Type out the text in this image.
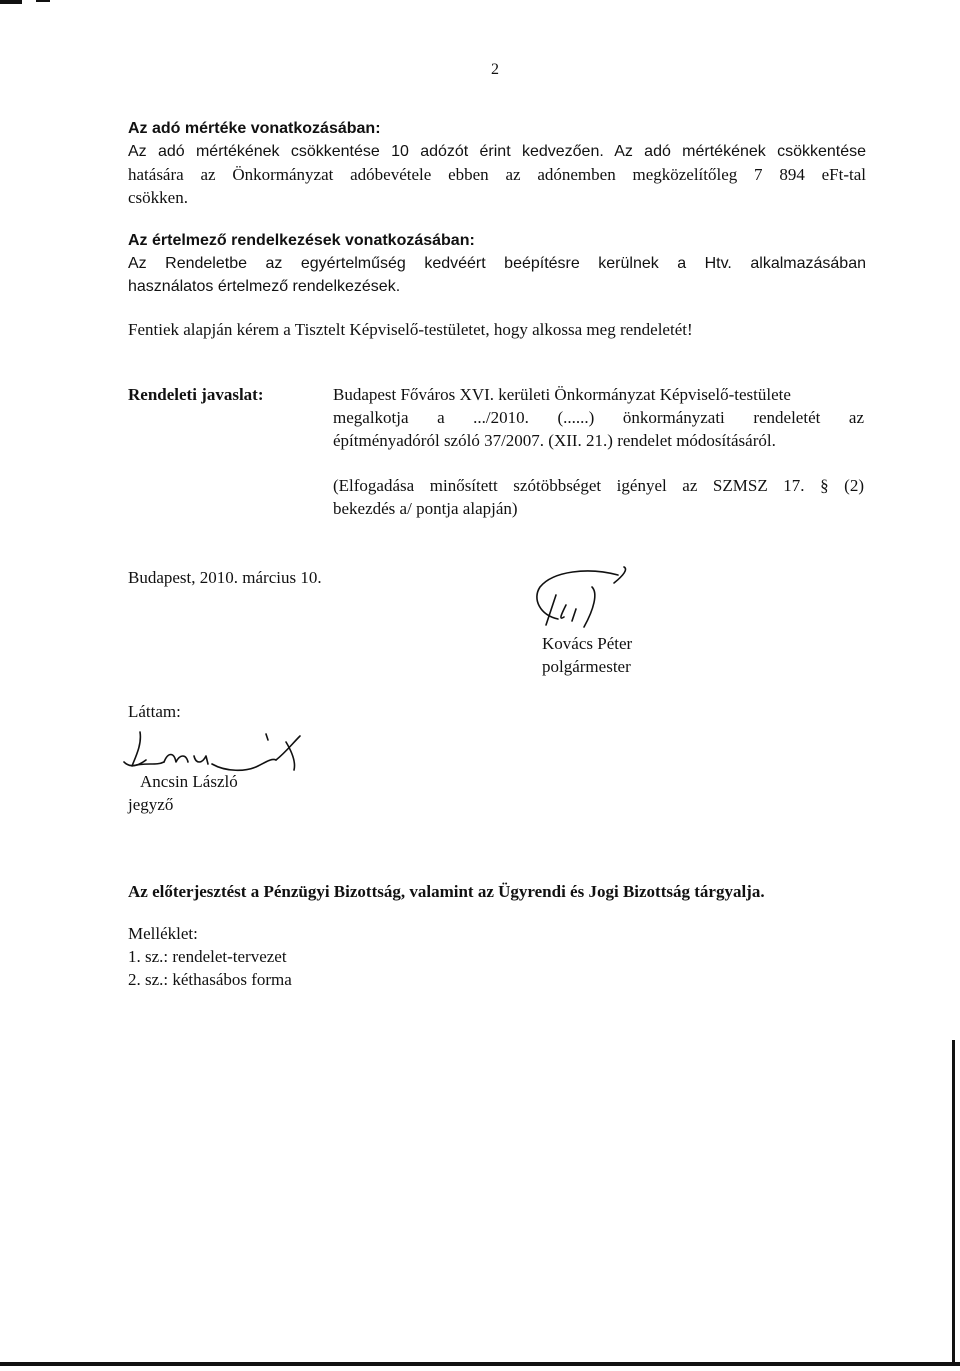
2
Az adó mértéke vonatkozásában:
Az adó mértékének csökkentése 10 adózót érint kedvezően. Az adó mértékének csökkentése
hatására az Önkormányzat adóbevétele ebben az adónemben megközelítőleg 7 894 eFt-tal
csökken.
Az értelmező rendelkezések vonatkozásában:
Az Rendeletbe az egyértelműség kedvéért beépítésre kerülnek a Htv. alkalmazásában
használatos értelmező rendelkezések.
Fentiek alapján kérem a Tisztelt Képviselő-testületet, hogy alkossa meg rendeletét!
Rendeleti javaslat:	Budapest Főváros XVI. kerületi Önkormányzat Képviselő-testülete
megalkotja a .../2010. (......) önkormányzati rendeletét az
építményadóról szóló 37/2007. (XII. 21.) rendelet módosításáról.
(Elfogadása minősített szótöbbséget igényel az SZMSZ 17. § (2)
bekezdés a/ pontja alapján)
Budapest, 2010. március 10.
Kovács Péter
polgármester
Láttam:
Ancsin László
jegyző
Az előterjesztést a Pénzügyi Bizottság, valamint az Ügyrendi és Jogi Bizottság tárgyalja.
Melléklet:
1. sz.: rendelet-tervezet
2. sz.: kéthasábos forma
